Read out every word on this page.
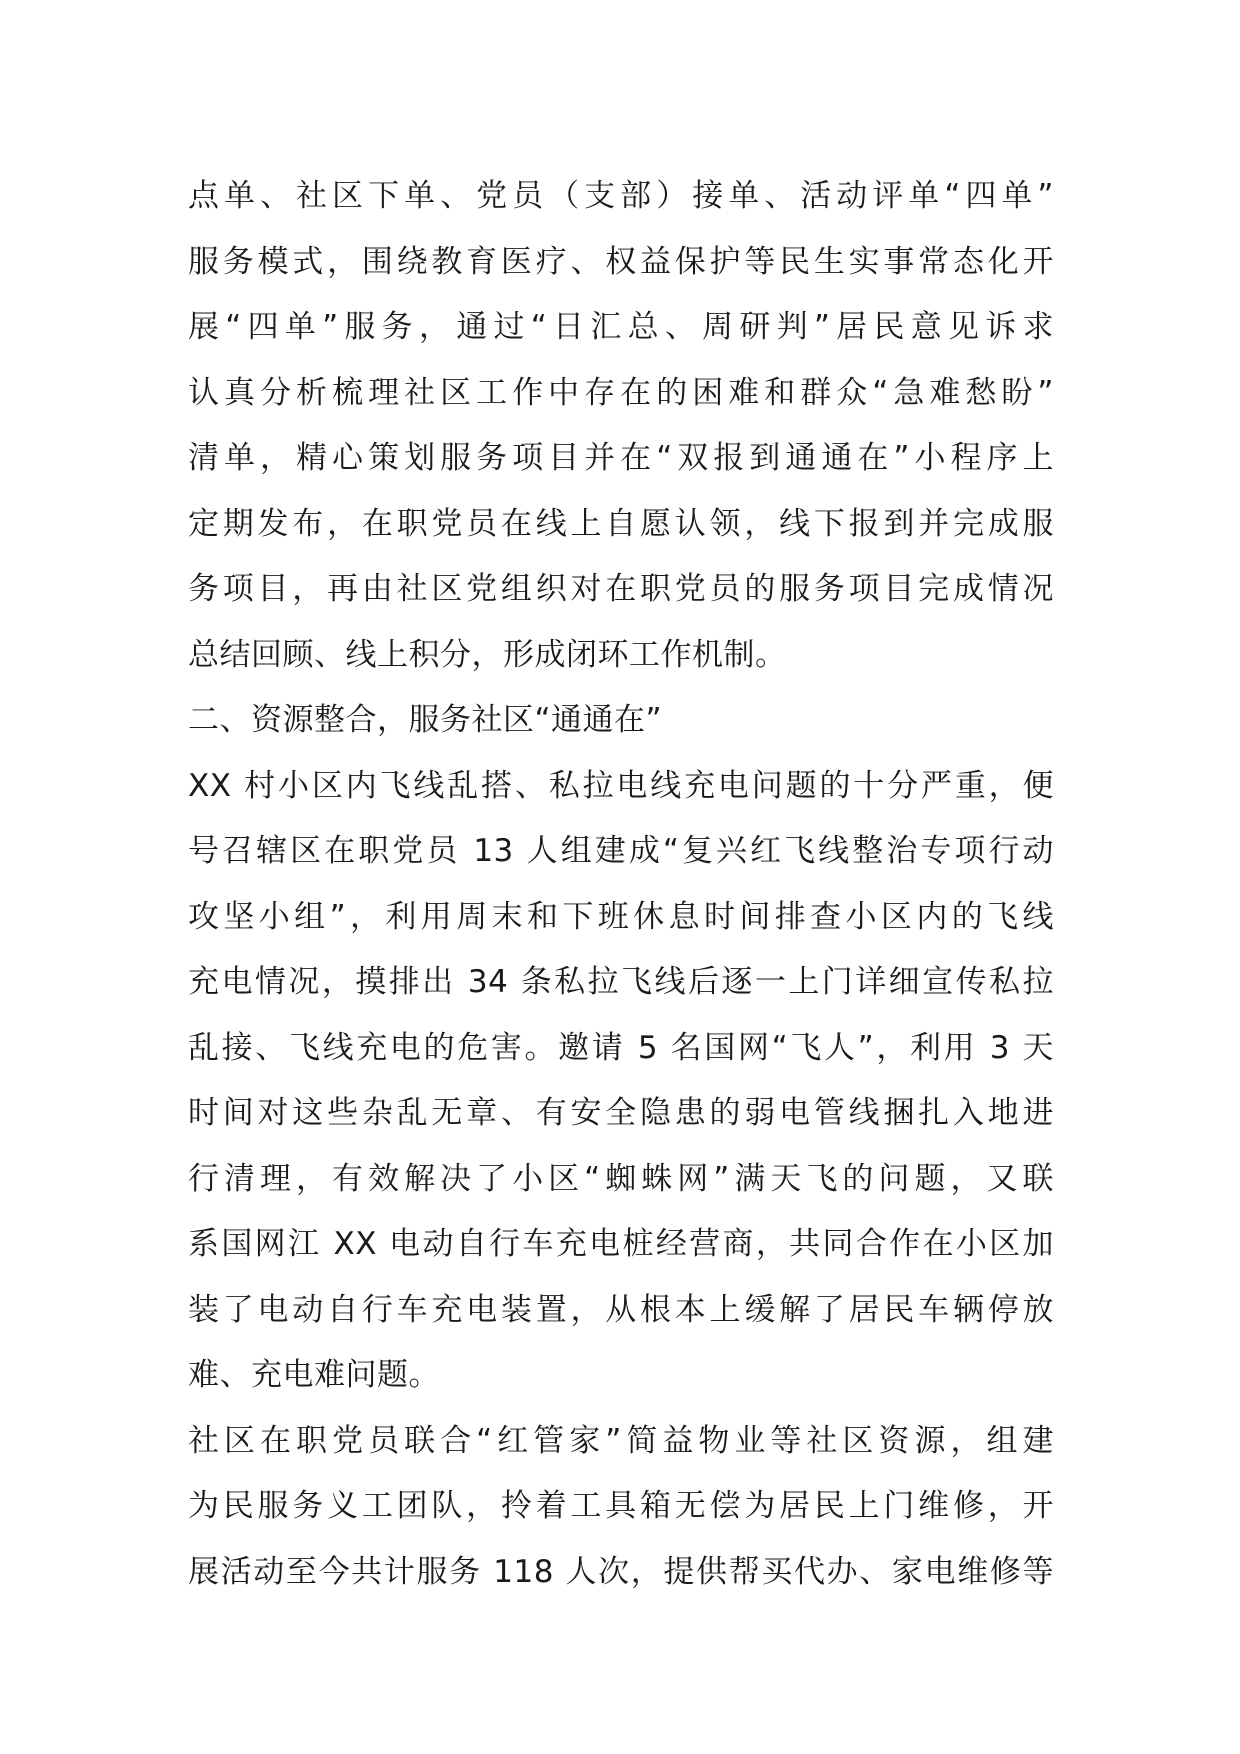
点单、社区下单、党员（支部）接单、活动评单“四单”
服务模式，围绕教育医疗、权益保护等民生实事常态化开
展“四单”服务，通过“日汇总、周研判”居民意见诉求
认真分析梳理社区工作中存在的困难和群众“急难愁盼”
清单，精心策划服务项目并在“双报到通通在”小程序上
定期发布，在职党员在线上自愿认领，线下报到并完成服
务项目，再由社区党组织对在职党员的服务项目完成情况
总结回顾、线上积分，形成闭环工作机制。
二、资源整合，服务社区“通通在”
XX 村小区内飞线乱搭、私拉电线充电问题的十分严重，便
号召辖区在职党员 13 人组建成“复兴红飞线整治专项行动
攻坚小组”，利用周末和下班休息时间排查小区内的飞线
充电情况，摸排出 34 条私拉飞线后逐一上门详细宣传私拉
乱接、飞线充电的危害。邀请 5 名国网“飞人”，利用 3 天
时间对这些杂乱无章、有安全隐患的弱电管线捆扎入地进
行清理，有效解决了小区“蜘蛛网”满天飞的问题，又联
系国网江 XX 电动自行车充电桩经营商，共同合作在小区加
装了电动自行车充电装置，从根本上缓解了居民车辆停放
难、充电难问题。
社区在职党员联合“红管家”简益物业等社区资源，组建
为民服务义工团队，拎着工具箱无偿为居民上门维修，开
展活动至今共计服务 118 人次，提供帮买代办、家电维修等
